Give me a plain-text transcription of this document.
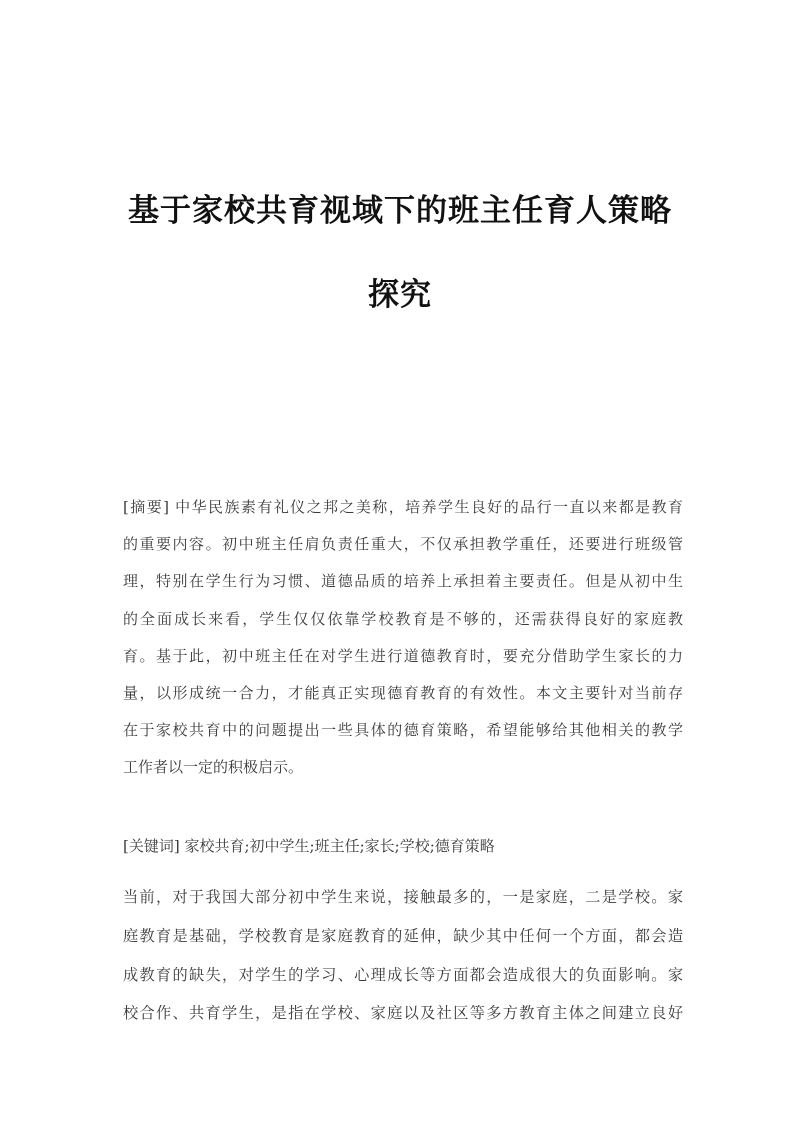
基于家校共育视域下的班主任育人策略
探究
[摘要] 中华民族素有礼仪之邦之美称，培养学生良好的品行一直以来都是教育
的重要内容。初中班主任肩负责任重大，不仅承担教学重任，还要进行班级管
理，特别在学生行为习惯、道德品质的培养上承担着主要责任。但是从初中生
的全面成长来看，学生仅仅依靠学校教育是不够的，还需获得良好的家庭教
育。基于此，初中班主任在对学生进行道德教育时，要充分借助学生家长的力
量，以形成统一合力，才能真正实现德育教育的有效性。本文主要针对当前存
在于家校共育中的问题提出一些具体的德育策略，希望能够给其他相关的教学
工作者以一定的积极启示。
[关键词] 家校共育;初中学生;班主任;家长;学校;德育策略
当前，对于我国大部分初中学生来说，接触最多的，一是家庭，二是学校。家
庭教育是基础，学校教育是家庭教育的延伸，缺少其中任何一个方面，都会造
成教育的缺失，对学生的学习、心理成长等方面都会造成很大的负面影响。家
校合作、共育学生，是指在学校、家庭以及社区等多方教育主体之间建立良好
